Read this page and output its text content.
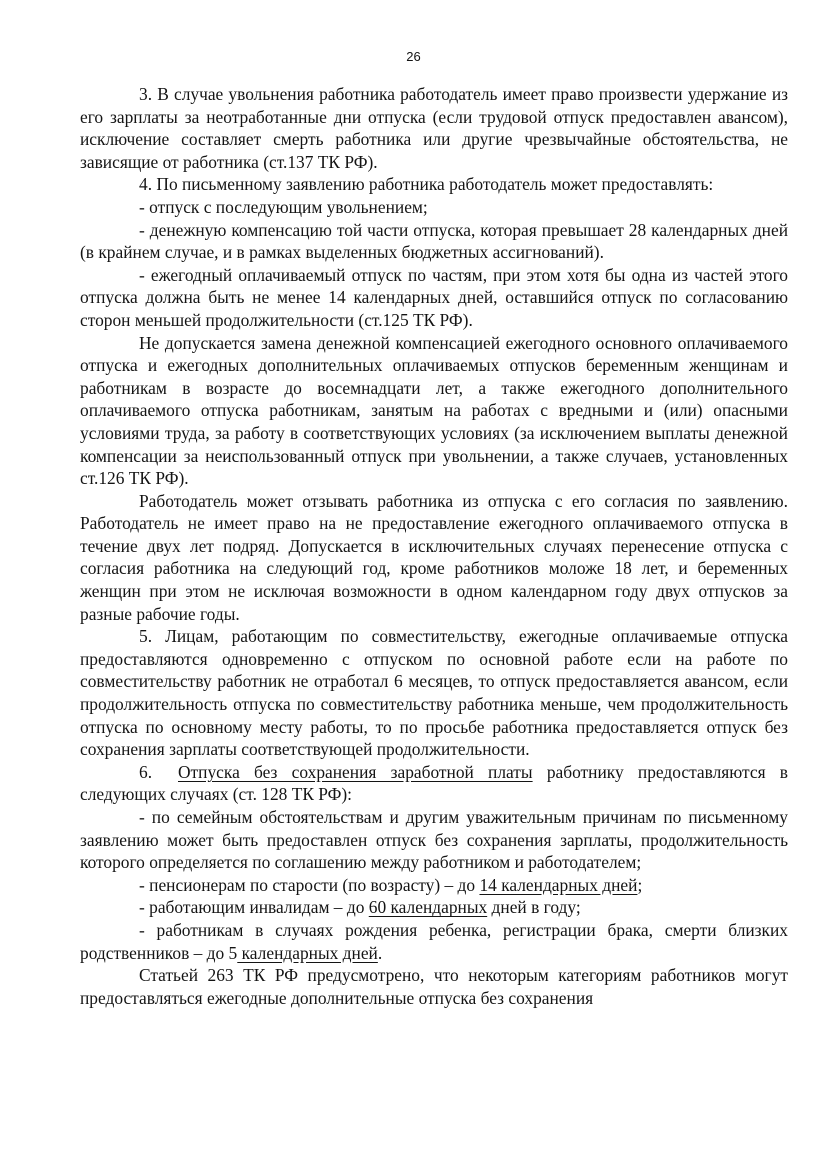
26

3. В случае увольнения работника работодатель имеет право произвести удержание из его зарплаты за неотработанные дни отпуска (если трудовой отпуск предоставлен авансом), исключение составляет смерть работника или другие чрезвычайные обстоятельства, не зависящие от работника (ст.137 ТК РФ).

4. По письменному заявлению работника работодатель может предоставлять:

- отпуск с последующим увольнением;

- денежную компенсацию той части отпуска, которая превышает 28 календарных дней (в крайнем случае, и в рамках выделенных бюджетных ассигнований).

- ежегодный оплачиваемый отпуск по частям, при этом хотя бы одна из частей этого отпуска должна быть не менее 14 календарных дней, оставшийся отпуск по согласованию сторон меньшей продолжительности (ст.125 ТК РФ).

Не допускается замена денежной компенсацией ежегодного основного оплачиваемого отпуска и ежегодных дополнительных оплачиваемых отпусков беременным женщинам и работникам в возрасте до восемнадцати лет, а также ежегодного дополнительного оплачиваемого отпуска работникам, занятым на работах с вредными и (или) опасными условиями труда, за работу в соответствующих условиях (за исключением выплаты денежной компенсации за неиспользованный отпуск при увольнении, а также случаев, установленных ст.126 ТК РФ).

Работодатель может отзывать работника из отпуска с его согласия по заявлению. Работодатель не имеет право на не предоставление ежегодного оплачиваемого отпуска в течение двух лет подряд. Допускается в исключительных случаях перенесение отпуска с согласия работника на следующий год, кроме работников моложе 18 лет, и беременных женщин при этом не исключая возможности в одном календарном году двух отпусков за разные рабочие годы.

5. Лицам, работающим по совместительству, ежегодные оплачиваемые отпуска предоставляются одновременно с отпуском по основной работе если на работе по совместительству работник не отработал 6 месяцев, то отпуск предоставляется авансом, если продолжительность отпуска по совместительству работника меньше, чем продолжительность отпуска по основному месту работы, то по просьбе работника предоставляется отпуск без сохранения зарплаты соответствующей продолжительности.

6. Отпуска без сохранения заработной платы работнику предоставляются в следующих случаях (ст. 128 ТК РФ):

- по семейным обстоятельствам и другим уважительным причинам по письменному заявлению может быть предоставлен отпуск без сохранения зарплаты, продолжительность которого определяется по соглашению между работником и работодателем;

- пенсионерам по старости (по возрасту) – до 14 календарных дней;

- работающим инвалидам – до 60 календарных дней в году;

- работникам в случаях рождения ребенка, регистрации брака, смерти близких родственников – до 5 календарных дней.

Статьей 263 ТК РФ предусмотрено, что некоторым категориям работников могут предоставляться ежегодные дополнительные отпуска без сохранения
